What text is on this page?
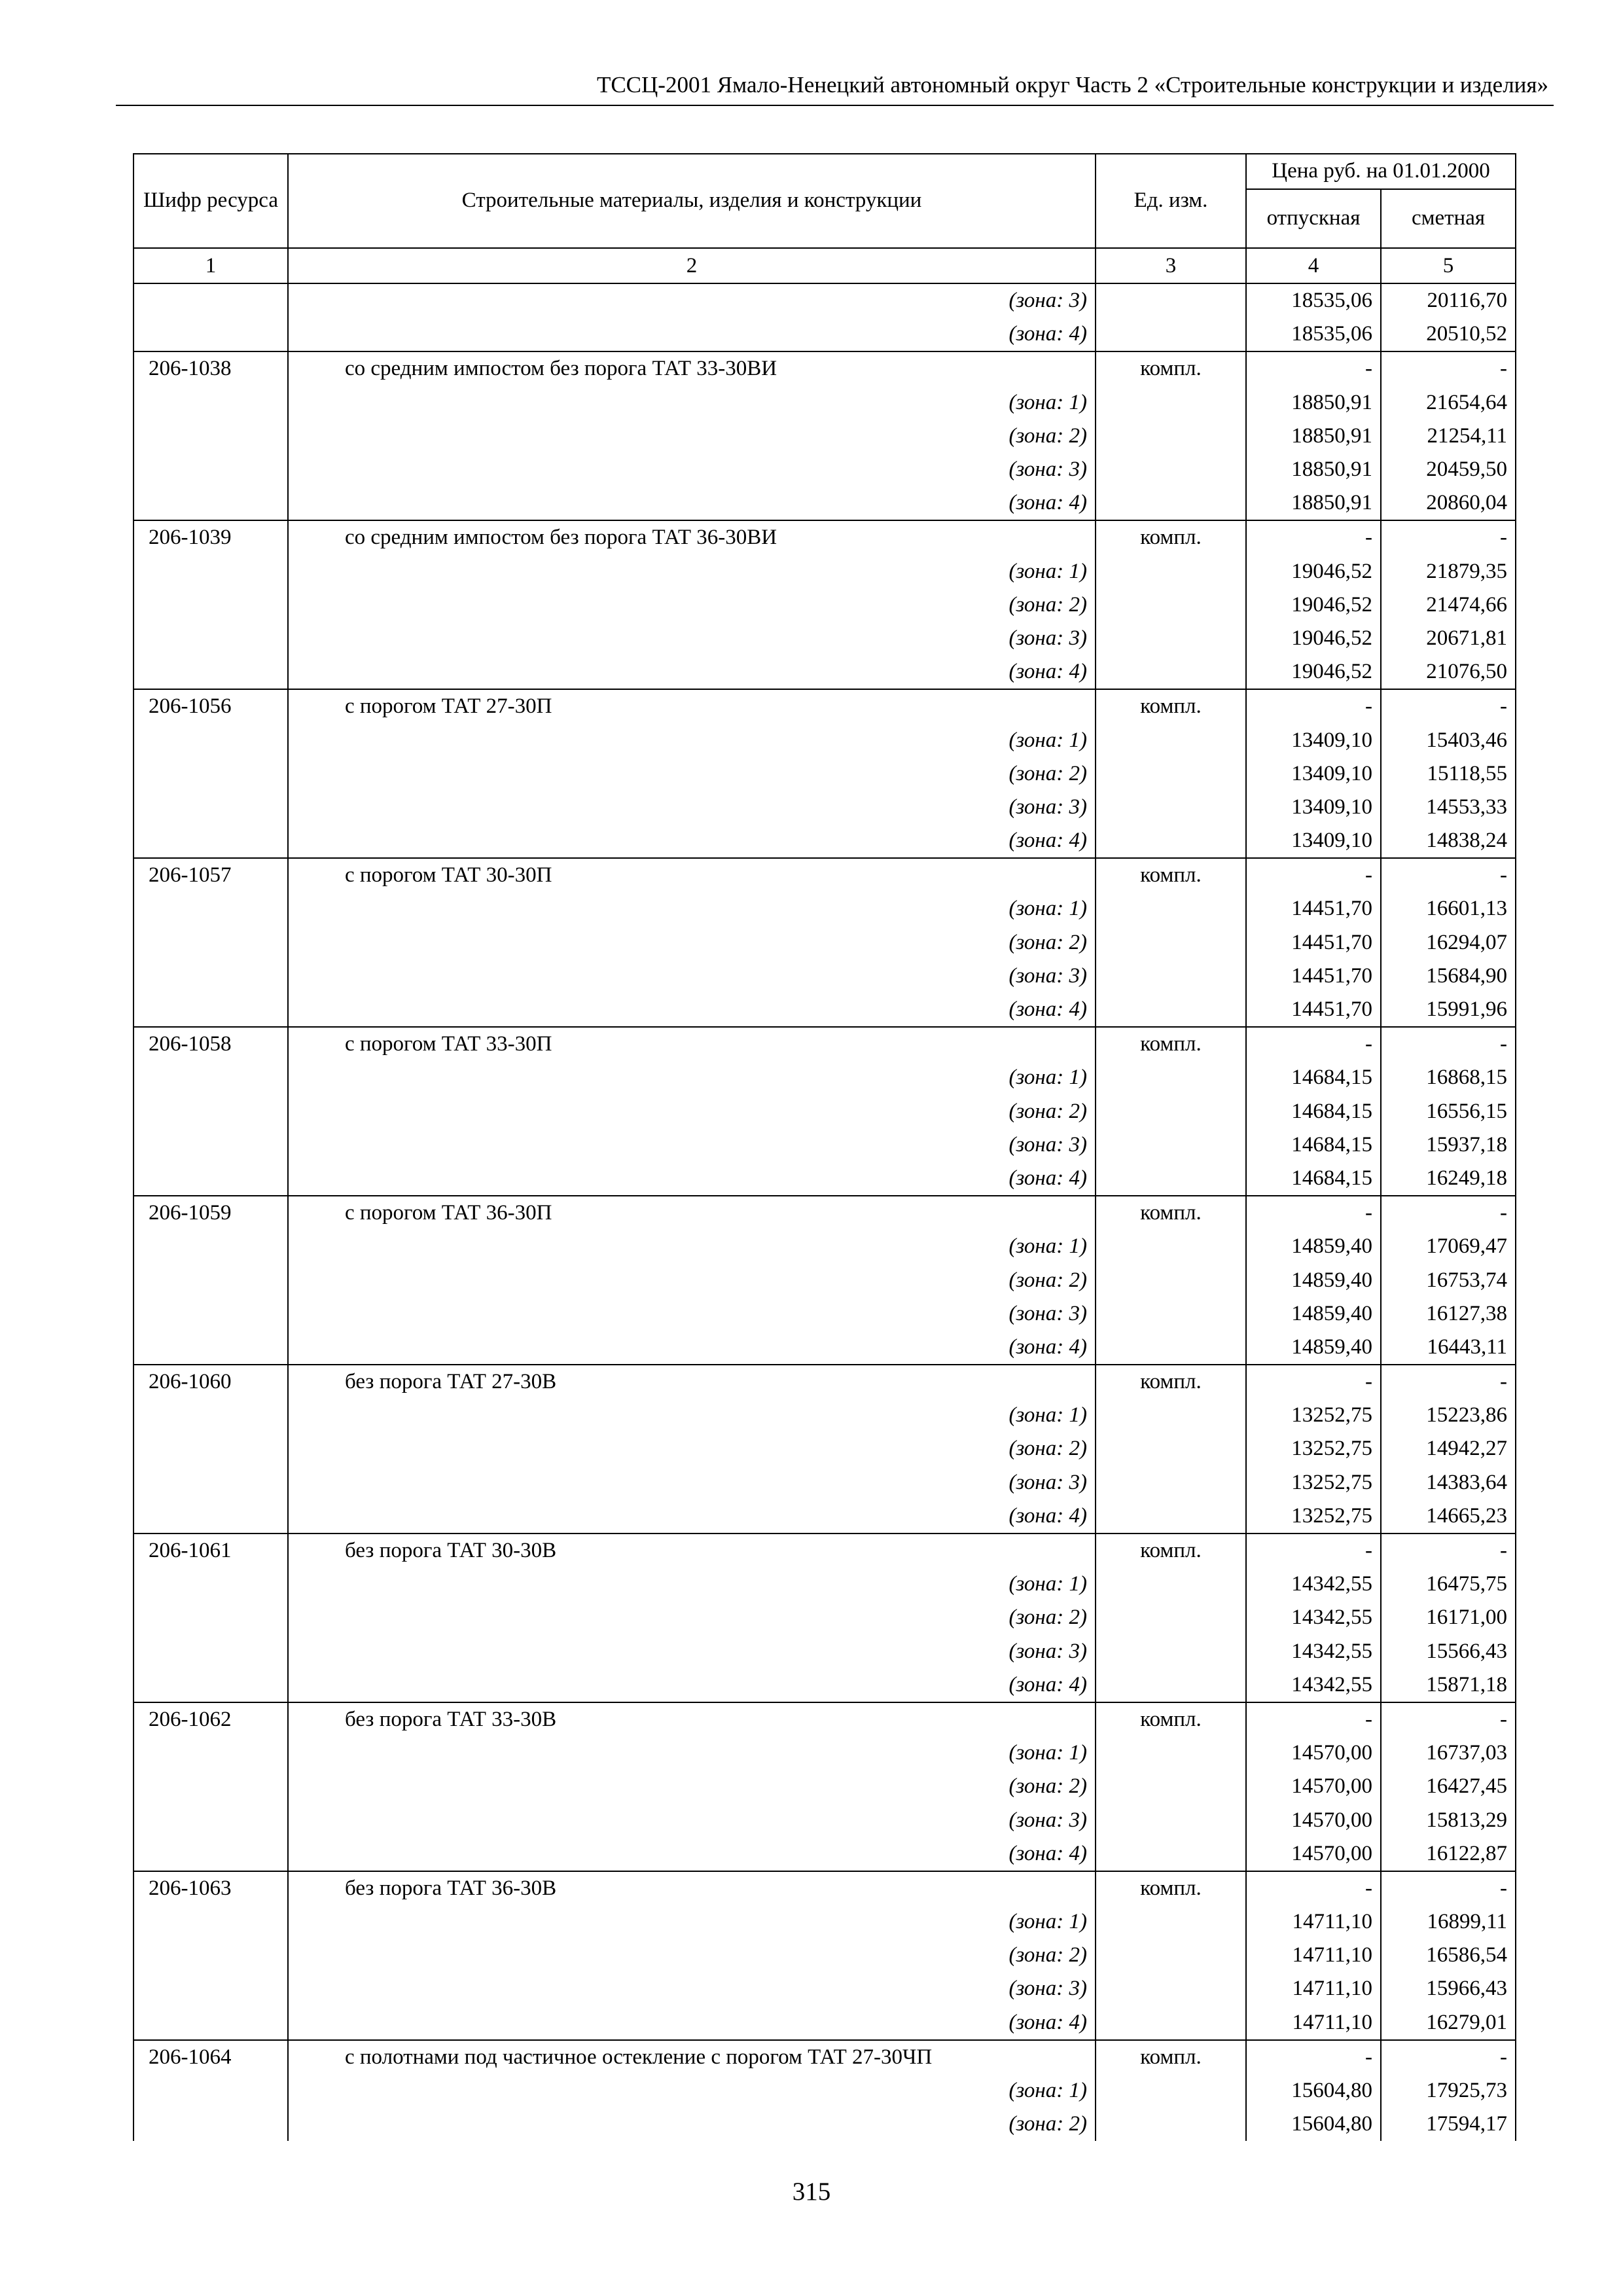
ТССЦ-2001 Ямало-Ненецкий автономный округ Часть 2 «Строительные конструкции и изделия»
Шифр ресурса	Строительные материалы, изделия и конструкции	Ед. изм.	Цена руб. на 01.01.2000	
			отпускная	сметная
1	2	3	4	5
	(зона: 3)		18535,06	20116,70
	(зона: 4)		18535,06	20510,52
206-1038	со средним импостом без порога ТАТ 33-30ВИ	компл.	-	-
	(зона: 1)		18850,91	21654,64
	(зона: 2)		18850,91	21254,11
	(зона: 3)		18850,91	20459,50
	(зона: 4)		18850,91	20860,04
206-1039	со средним импостом без порога ТАТ 36-30ВИ	компл.	-	-
	(зона: 1)		19046,52	21879,35
	(зона: 2)		19046,52	21474,66
	(зона: 3)		19046,52	20671,81
	(зона: 4)		19046,52	21076,50
206-1056	с порогом ТАТ 27-30П	компл.	-	-
	(зона: 1)		13409,10	15403,46
	(зона: 2)		13409,10	15118,55
	(зона: 3)		13409,10	14553,33
	(зона: 4)		13409,10	14838,24
206-1057	с порогом ТАТ 30-30П	компл.	-	-
	(зона: 1)		14451,70	16601,13
	(зона: 2)		14451,70	16294,07
	(зона: 3)		14451,70	15684,90
	(зона: 4)		14451,70	15991,96
206-1058	с порогом ТАТ 33-30П	компл.	-	-
	(зона: 1)		14684,15	16868,15
	(зона: 2)		14684,15	16556,15
	(зона: 3)		14684,15	15937,18
	(зона: 4)		14684,15	16249,18
206-1059	с порогом ТАТ 36-30П	компл.	-	-
	(зона: 1)		14859,40	17069,47
	(зона: 2)		14859,40	16753,74
	(зона: 3)		14859,40	16127,38
	(зона: 4)		14859,40	16443,11
206-1060	без порога ТАТ 27-30В	компл.	-	-
	(зона: 1)		13252,75	15223,86
	(зона: 2)		13252,75	14942,27
	(зона: 3)		13252,75	14383,64
	(зона: 4)		13252,75	14665,23
206-1061	без порога ТАТ 30-30В	компл.	-	-
	(зона: 1)		14342,55	16475,75
	(зона: 2)		14342,55	16171,00
	(зона: 3)		14342,55	15566,43
	(зона: 4)		14342,55	15871,18
206-1062	без порога ТАТ 33-30В	компл.	-	-
	(зона: 1)		14570,00	16737,03
	(зона: 2)		14570,00	16427,45
	(зона: 3)		14570,00	15813,29
	(зона: 4)		14570,00	16122,87
206-1063	без порога ТАТ 36-30В	компл.	-	-
	(зона: 1)		14711,10	16899,11
	(зона: 2)		14711,10	16586,54
	(зона: 3)		14711,10	15966,43
	(зона: 4)		14711,10	16279,01
206-1064	с полотнами под частичное остекление с порогом ТАТ 27-30ЧП	компл.	-	-
	(зона: 1)		15604,80	17925,73
	(зона: 2)		15604,80	17594,17
315
